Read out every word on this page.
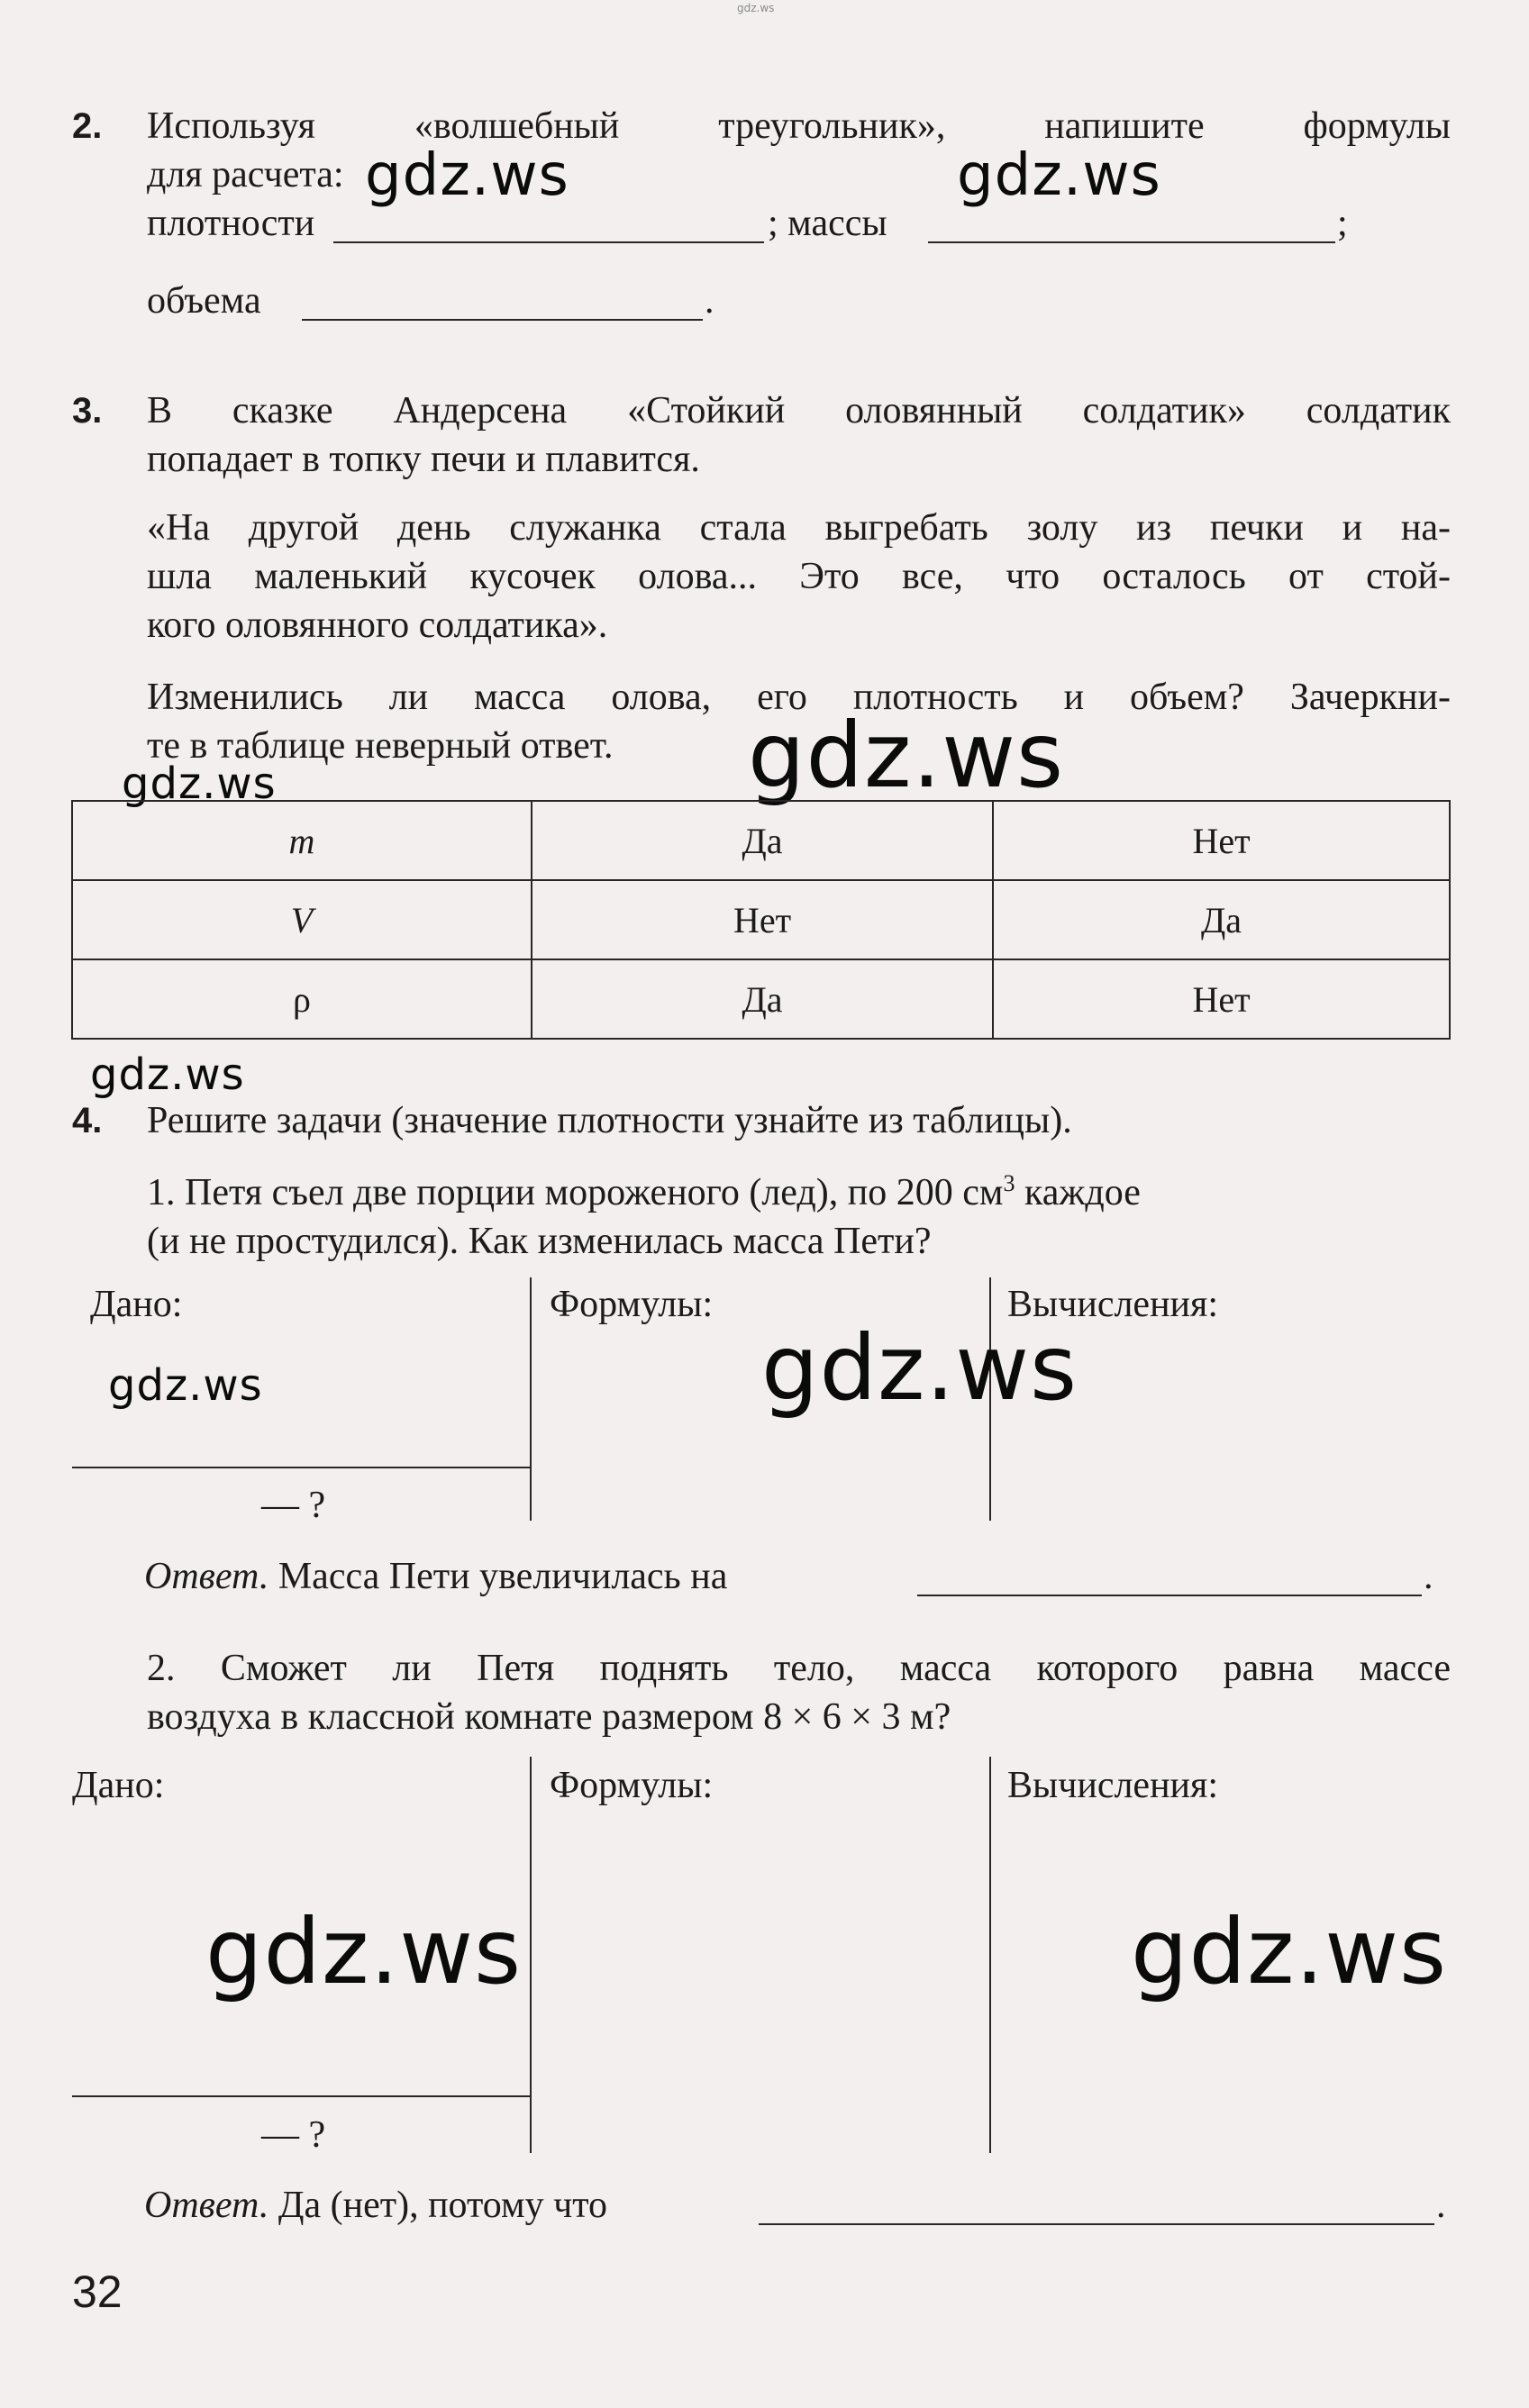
gdz.ws
2. Используя «волшебный треугольник», напишите формулы
для расчета:
плотности	; массы	;
объема	.
gdz.ws	gdz.ws
3. В сказке Андерсена «Стойкий оловянный солдатик» солдатик
попадает в топку печи и плавится.
«На другой день служанка стала выгребать золу из печки и на-
шла маленький кусочек олова... Это все, что осталось от стой-
кого оловянного солдатика».
Изменились ли масса олова, его плотность и объем? Зачеркни-
те в таблице неверный ответ.
gdz.ws	gdz.ws
m	Да	Нет
V	Нет	Да
ρ	Да	Нет
gdz.ws
4. Решите задачи (значение плотности узнайте из таблицы).
1. Петя съел две порции мороженого (лед), по 200 $см^3$ каждое
(и не простудился). Как изменилась масса Пети?
Дано:	Формулы:	Вычисления:
— ?
gdz.ws	gdz.ws
Ответ. Масса Пети увеличилась на	.
2. Сможет ли Петя поднять тело, масса которого равна массе
воздуха в классной комнате размером 8 × 6 × 3 м?
Дано:	Формулы:	Вычисления:
— ?
gdz.ws	gdz.ws
Ответ. Да (нет), потому что	.
32
